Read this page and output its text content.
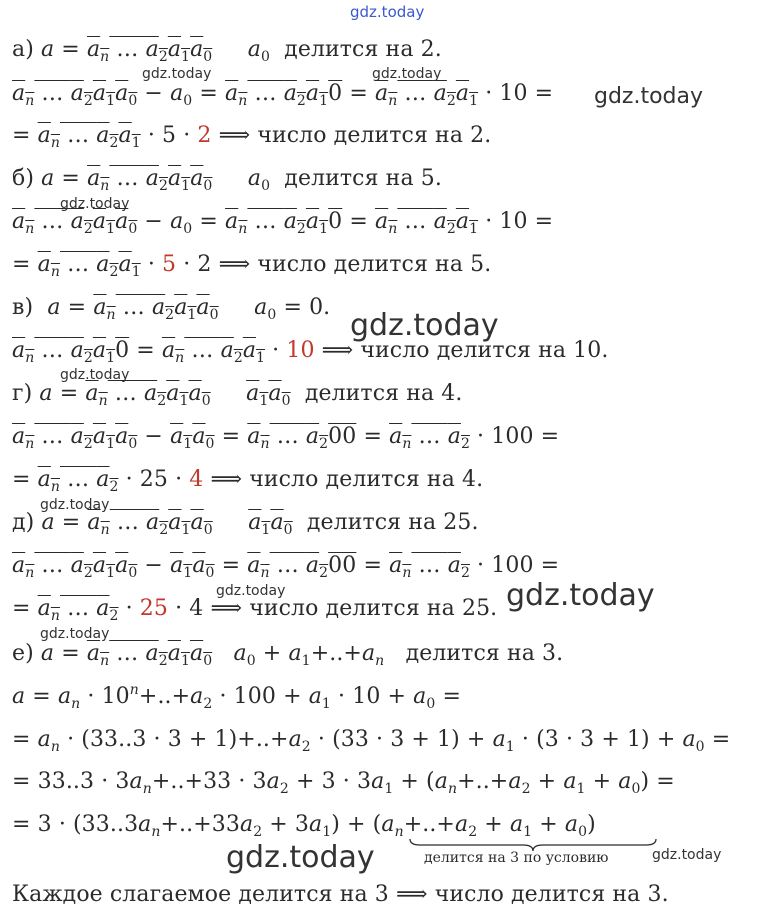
gdz.today
gdz.today	gdz.today
gdz.today
gdz.today
gdz.today
gdz.today
gdz.today
gdz.today	gdz.today
gdz.today
gdz.today	gdz.today
а) $a = a_n$ … $a_2a_1a_0$ $a_0$  делится на 2.
$a_n$ … $a_2a_1a_0 - a_0 = a_n$ … $a_2a_10 = a_n$ … $a_2a_1 \cdot 10$ =
= $a_n$ … $a_2a_1 \cdot 5 \cdot 2$ ⟹ число делится на 2.
б) $a = a_n$ … $a_2a_1a_0$ $a_0$  делится на 5.
$a_n$ … $a_2a_1a_0 - a_0 = a_n$ … $a_2a_10 = a_n$ … $a_2a_1 \cdot 10$ =
= $a_n$ … $a_2a_1 \cdot 5 \cdot 2$ ⟹ число делится на 5.
в)  $a = a_n$ … $a_2a_1a_0$ $a_0 = 0$.
$a_n$ … $a_2a_10 = a_n$ … $a_2a_1 \cdot 10$ ⟹ число делится на 10.
г) $a = a_n$ … $a_2a_1a_0$ $a_1a_0$  делится на 4.
$a_n$ … $a_2a_1a_0 - a_1a_0 = a_n$ … $a_200 = a_n$ … $a_2 \cdot 100$ =
= $a_n$ … $a_2 \cdot 25 \cdot 4$ ⟹ число делится на 4.
д) $a = a_n$ … $a_2a_1a_0$ $a_1a_0$  делится на 25.
$a_n$ … $a_2a_1a_0 - a_1a_0 = a_n$ … $a_200 = a_n$ … $a_2 \cdot 100$ =
= $a_n$ … $a_2 \cdot 25 \cdot 4$ ⟹ число делится на 25.
е) $a = a_n$ … $a_2a_1a_0$ $a_0 + a_1+..+a_n$   делится на 3.
$a = a_n \cdot 10^n+..+a_2 \cdot 100 + a_1 \cdot 10 + a_0$ =
= $a_n \cdot (33..3 \cdot 3 + 1)+..+a_2 \cdot (33 \cdot 3 + 1) + a_1 \cdot (3 \cdot 3 + 1) + a_0$ =
= $33..3 \cdot 3a_n+..+33 \cdot 3a_2 + 3 \cdot 3a_1 + (a_n+..+a_2 + a_1 + a_0)$ =
= $3 \cdot (33..3a_n+..+33a_2 + 3a_1) + (a_n+..+a_2 + a_1 + a_0)$
делится на 3 по условию
Каждое слагаемое делится на 3 ⟹ число делится на 3.
